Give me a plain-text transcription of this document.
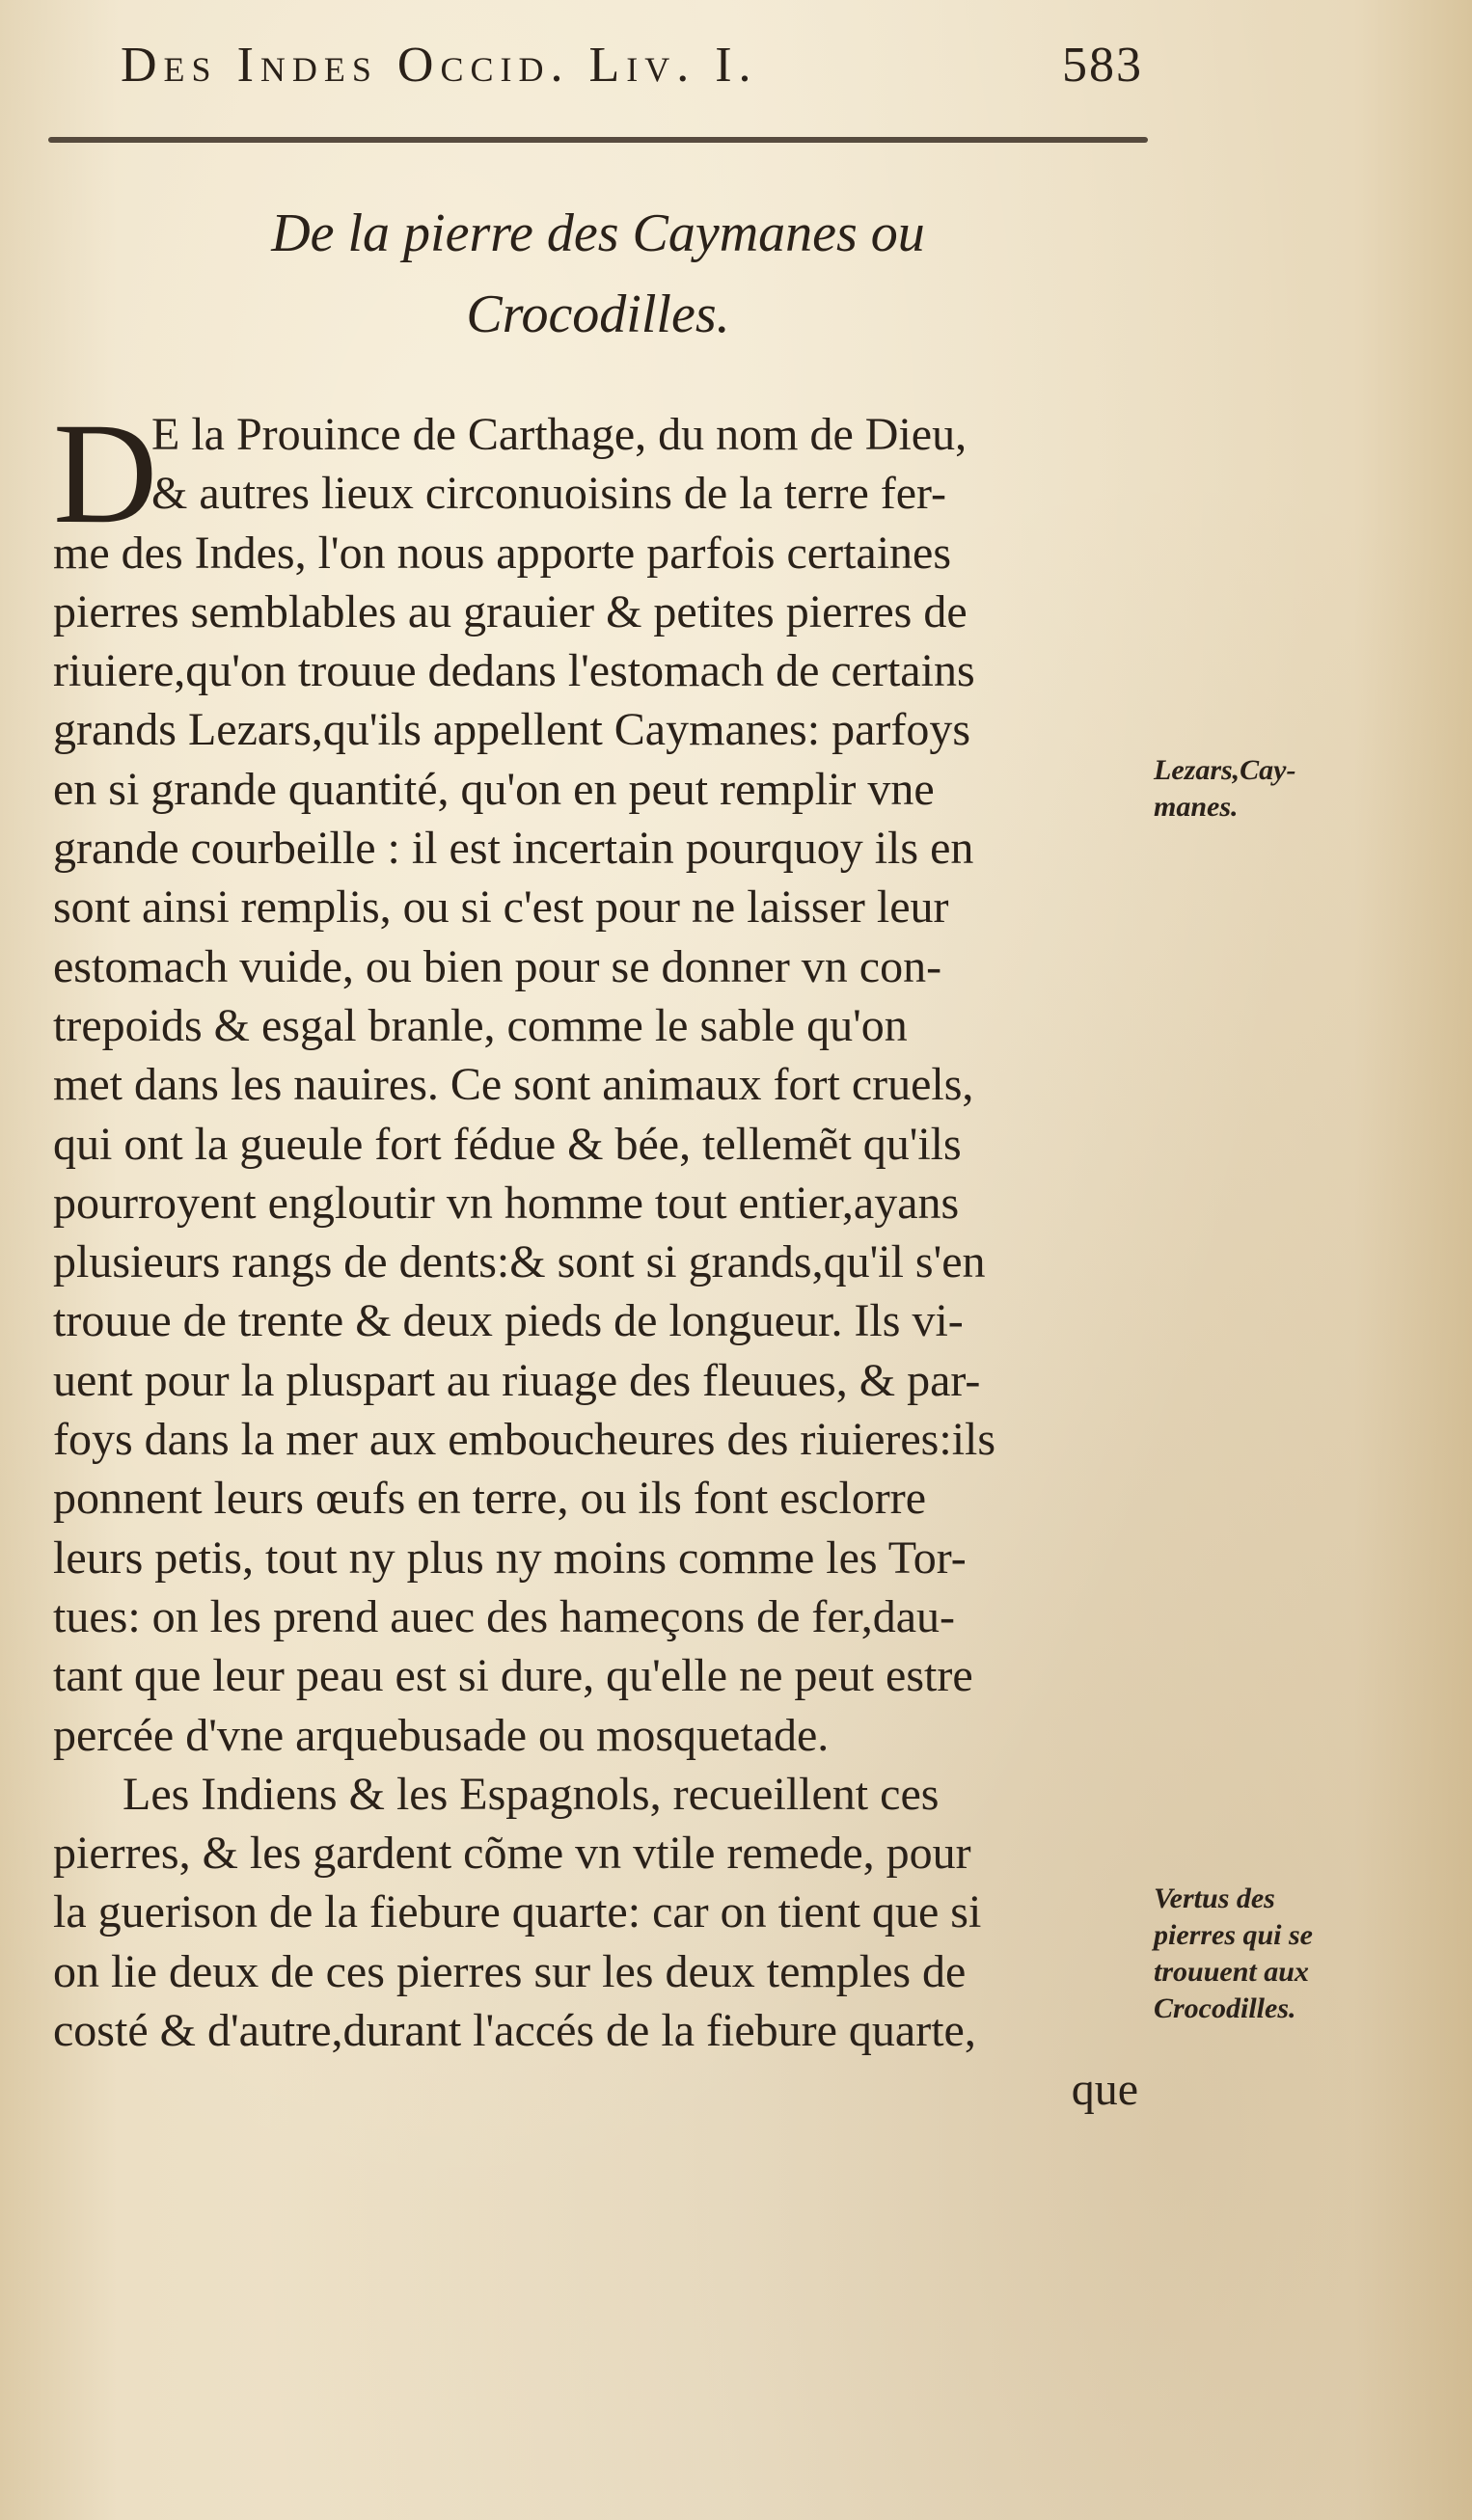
Des Indes Occid. Liv. I.	583
De la pierre des Caymanes ou
Crocodilles.
D
E la Prouince de Carthage, du nom de Dieu,
& autres lieux circonuoisins de la terre fer-
me des Indes, l'on nous apporte parfois certaines
pierres semblables au grauier & petites pierres de
riuiere,qu'on trouue dedans l'estomach de certains
grands Lezars,qu'ils appellent Caymanes: parfoys
en si grande quantité, qu'on en peut remplir vne
grande courbeille : il est incertain pourquoy ils en
sont ainsi remplis, ou si c'est pour ne laisser leur
estomach vuide, ou bien pour se donner vn con-
trepoids & esgal branle, comme le sable qu'on
met dans les nauires. Ce sont animaux fort cruels,
qui ont la gueule fort fédue & bée, tellemẽt qu'ils
pourroyent engloutir vn homme tout entier,ayans
plusieurs rangs de dents:& sont si grands,qu'il s'en
trouue de trente & deux pieds de longueur. Ils vi-
uent pour la pluspart au riuage des fleuues, & par-
foys dans la mer aux emboucheures des riuieres:ils
ponnent leurs œufs en terre, ou ils font esclorre
leurs petis, tout ny plus ny moins comme les Tor-
tues: on les prend auec des hameçons de fer,dau-
tant que leur peau est si dure, qu'elle ne peut estre
percée d'vne arquebusade ou mosquetade.
Les Indiens & les Espagnols, recueillent ces
pierres, & les gardent cõme vn vtile remede, pour
la guerison de la fiebure quarte: car on tient que si
on lie deux de ces pierres sur les deux temples de
costé & d'autre,durant l'accés de la fiebure quarte,
que
Lezars,Cay-
manes.
Vertus des
pierres qui se
trouuent aux
Crocodilles.
